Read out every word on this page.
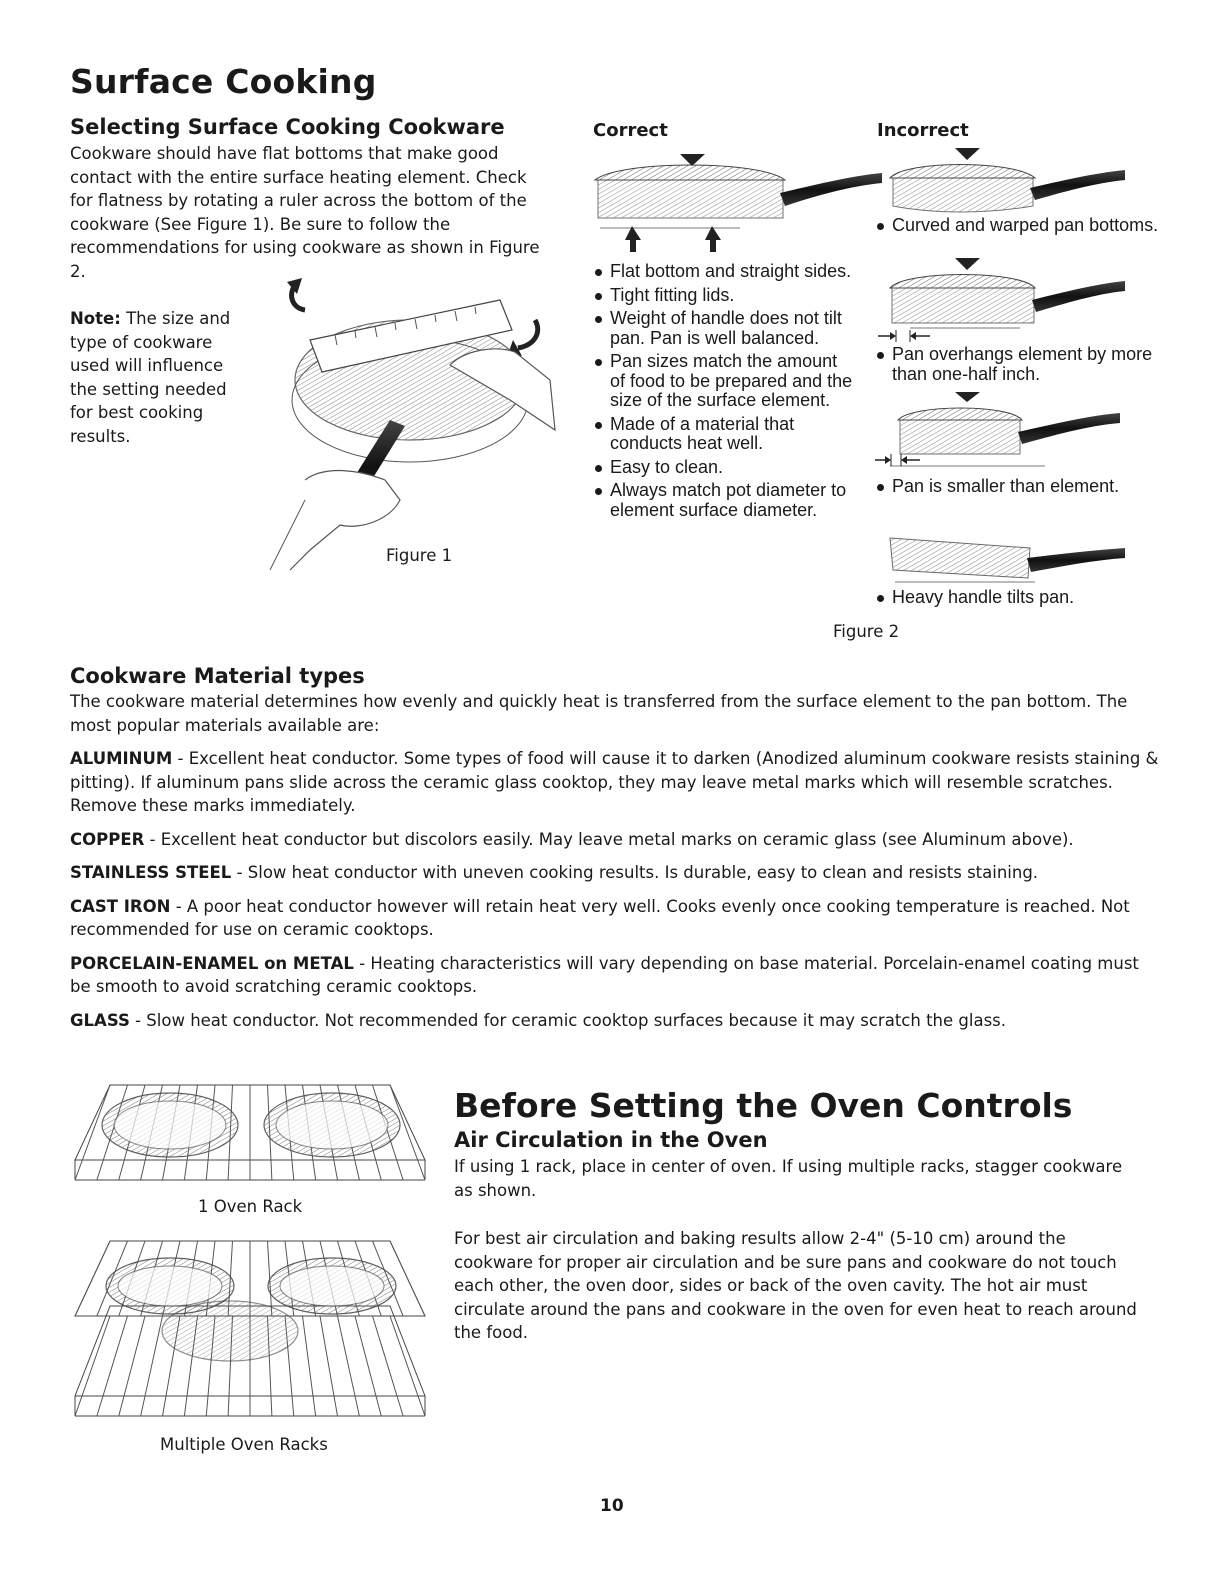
Surface Cooking
Selecting Surface Cooking Cookware
Cookware should have flat bottoms that make good contact with the entire surface heating element. Check for flatness by rotating a ruler across the bottom of the cookware (See Figure 1). Be sure to follow the recommendations for using cookware as shown in Figure 2.
Note: The size and type of cookware used will influence the setting needed for best cooking results.
Figure 1
Correct
Flat bottom and straight sides.
Tight fitting lids.
Weight of handle does not tilt pan. Pan is well balanced.
Pan sizes match the amount of food to be prepared and the size of the surface element.
Made of a material that conducts heat well.
Easy to clean.
Always match pot diameter to element surface diameter.
Incorrect
Curved and warped pan bottoms.
Pan overhangs element by more than one-half inch.
Pan is smaller than element.
Heavy handle tilts pan.
Figure 2
Cookware Material types

The cookware material determines how evenly and quickly heat is transferred from the surface element to the pan bottom. The most popular materials available are:

ALUMINUM - Excellent heat conductor. Some types of food will cause it to darken (Anodized aluminum cookware resists staining & pitting). If aluminum pans slide across the ceramic glass cooktop, they may leave metal marks which will resemble scratches. Remove these marks immediately.

COPPER - Excellent heat conductor but discolors easily. May leave metal marks on ceramic glass (see Aluminum above).

STAINLESS STEEL - Slow heat conductor with uneven cooking results. Is durable, easy to clean and resists staining.

CAST IRON - A poor heat conductor however will retain heat very well. Cooks evenly once cooking temperature is reached. Not recommended for use on ceramic cooktops.

PORCELAIN-ENAMEL on METAL - Heating characteristics will vary depending on base material. Porcelain-enamel coating must be smooth to avoid scratching ceramic cooktops.

GLASS - Slow heat conductor. Not recommended for ceramic cooktop surfaces because it may scratch the glass.

1 Oven Rack
Multiple Oven Racks
Before Setting the Oven Controls
Air Circulation in the Oven
If using 1 rack, place in center of oven. If using multiple racks, stagger cookware as shown.
For best air circulation and baking results allow 2-4" (5-10 cm) around the cookware for proper air circulation and be sure pans and cookware do not touch each other, the oven door, sides or back of the oven cavity. The hot air must circulate around the pans and cookware in the oven for even heat to reach around the food.
10
